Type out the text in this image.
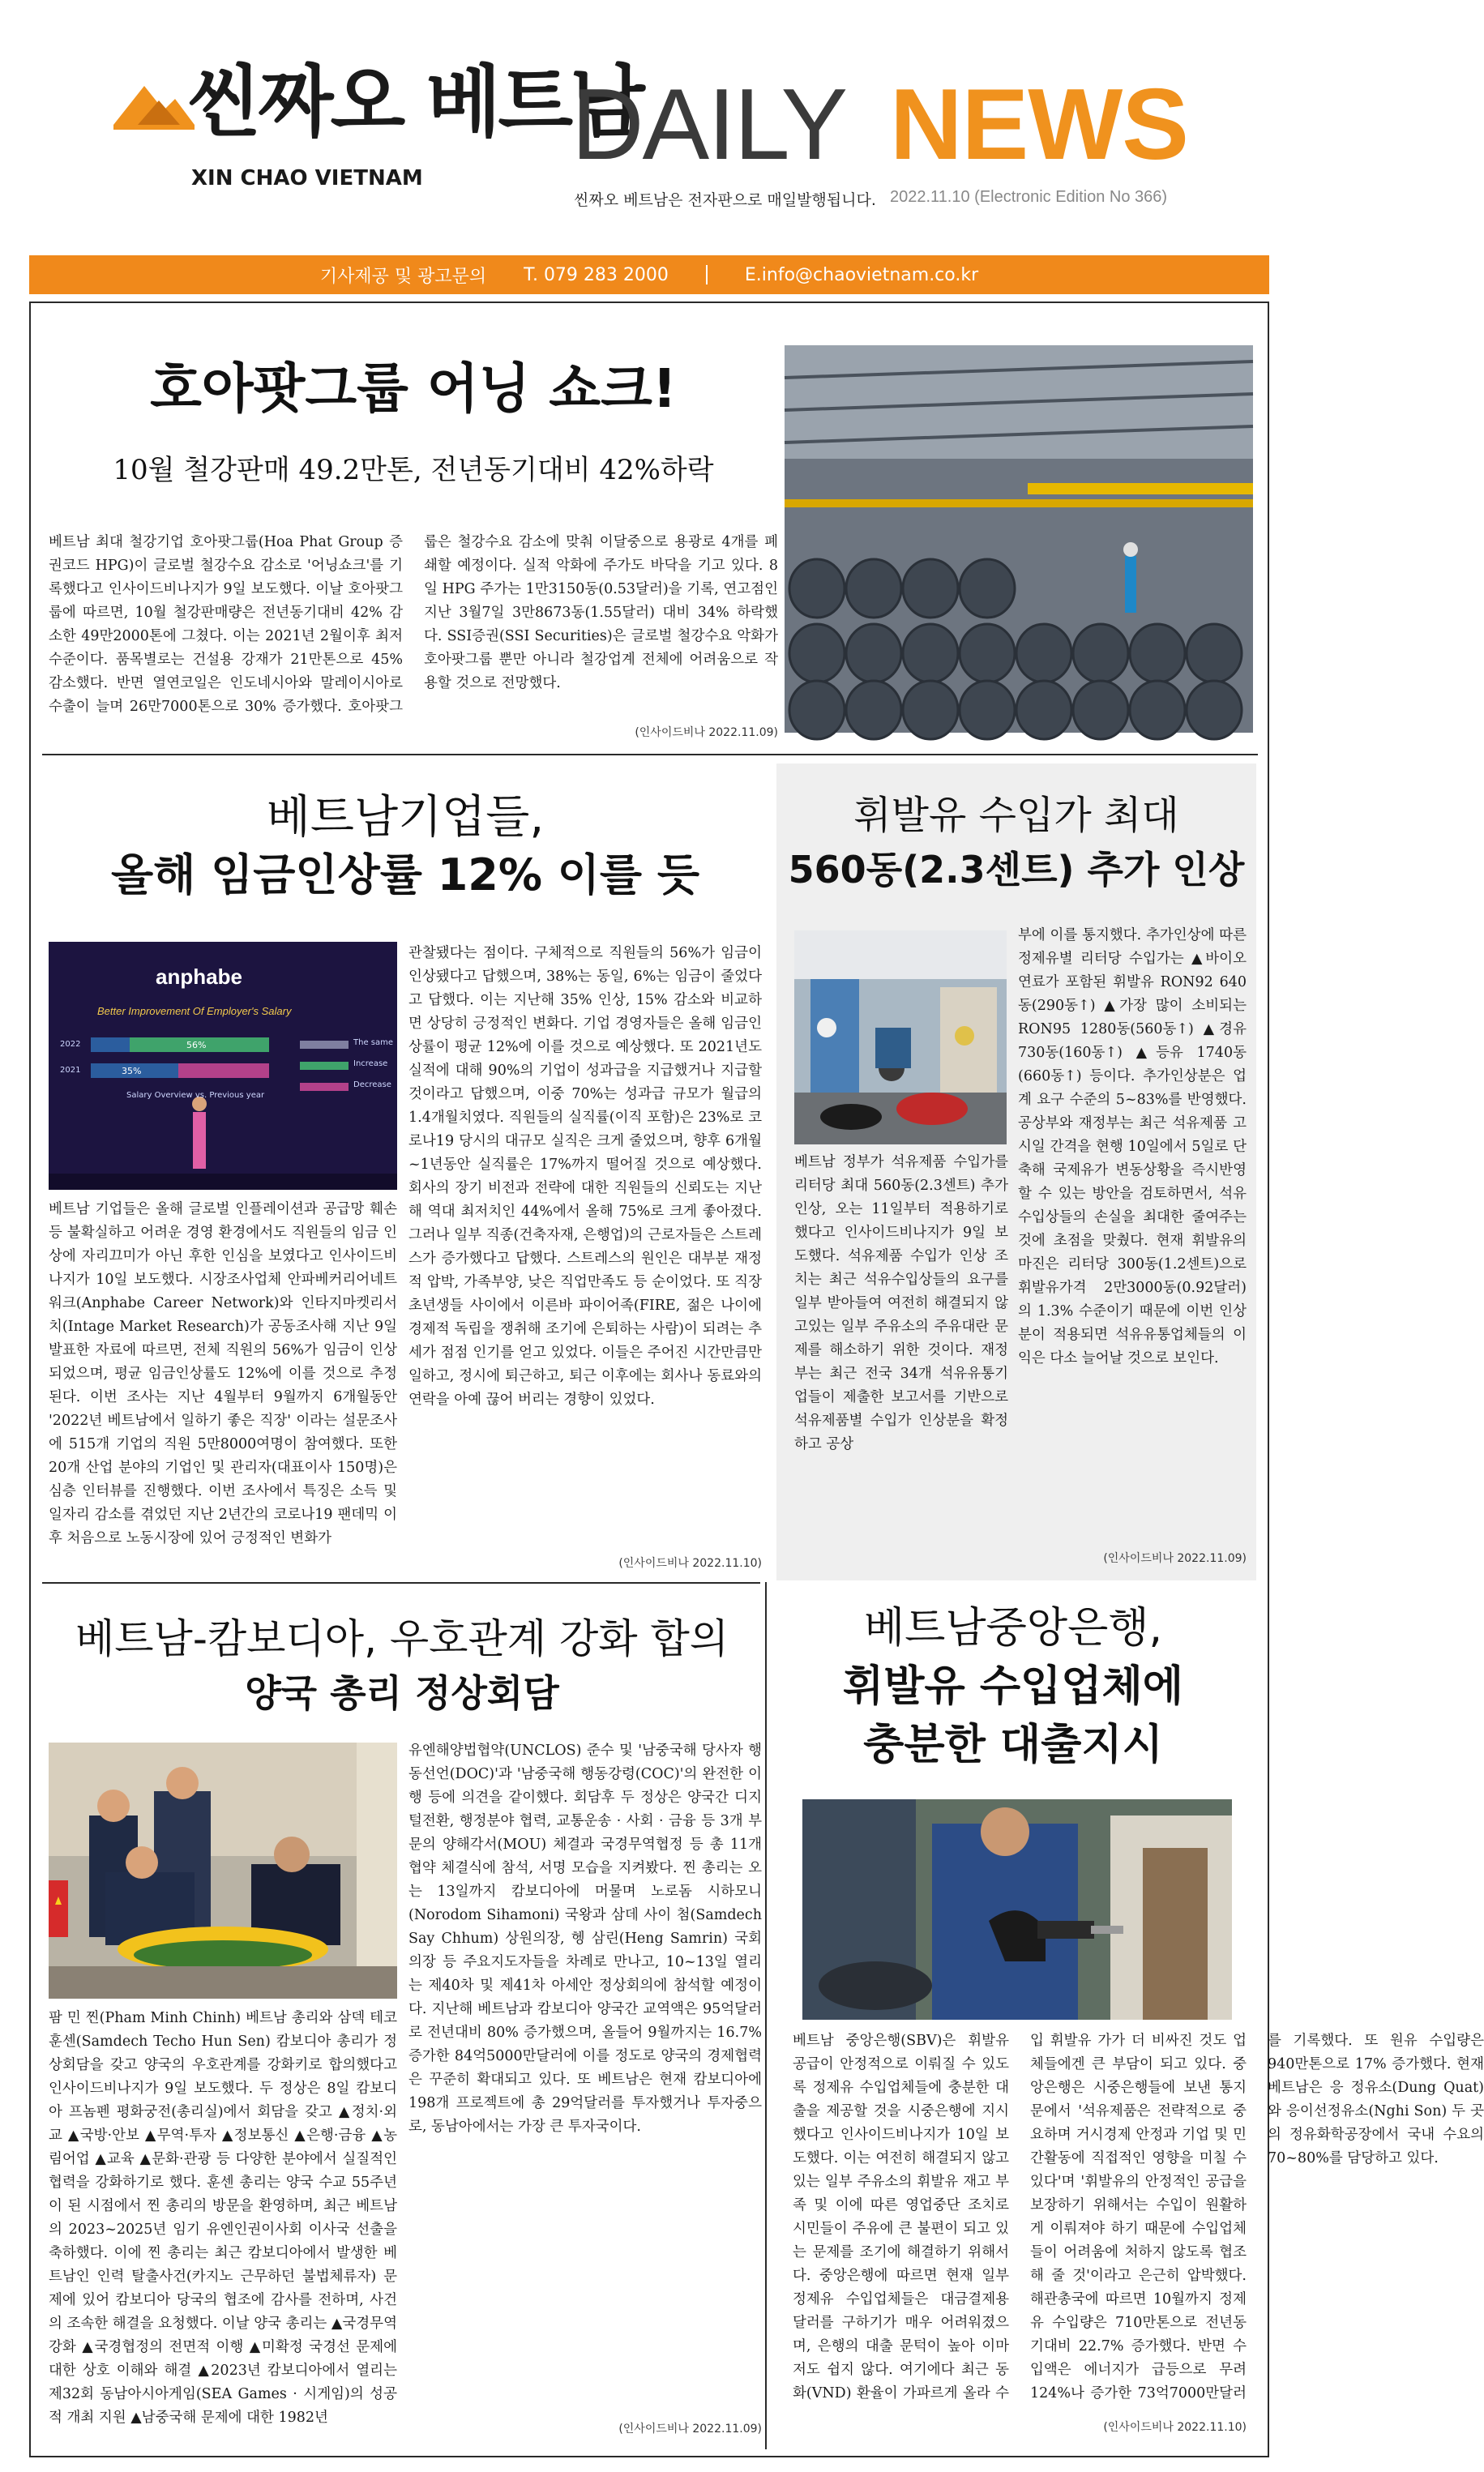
씬짜오 베트남
XIN CHAO VIETNAM DAILY NEWS
씬짜오 베트남은 전자판으로 매일발행됩니다. 2022.11.10 (Electronic Edition No 366)
기사제공 및 광고문의 T. 079 283 2000	E.info@chaovietnam.co.kr
호아팟그룹 어닝 쇼크!
10월 철강판매 49.2만톤, 전년동기대비 42%하락
베트남 최대 철강기업 호아팟그룹(Hoa Phat Group 증권코드 HPG)이 글로벌 철강수요 감소로 '어닝쇼크'를 기록했다고 인사이드비나지가 9일 보도했다. 이날 호아팟그룹에 따르면, 10월 철강판매량은 전년동기대비 42% 감소한 49만2000톤에 그쳤다. 이는 2021년 2월이후 최저 수준이다. 품목별로는 건설용 강재가 21만톤으로 45% 감소했다. 반면 열연코일은 인도네시아와 말레이시아로 수출이 늘며 26만7000톤으로 30% 증가했다. 호아팟그룹은 철강수요 감소에 맞춰 이달중으로 용광로 4개를 폐쇄할 예정이다. 실적 악화에 주가도 바닥을 기고 있다. 8일 HPG 주가는 1만3150동(0.53달러)을 기록, 연고점인 지난 3월7일 3만8673동(1.55달러) 대비 34% 하락했다. SSI증권(SSI Securities)은 글로벌 철강수요 악화가 호아팟그룹 뿐만 아니라 철강업계 전체에 어려움으로 작용할 것으로 전망했다.
(인사이드비나 2022.11.09)
베트남기업들,
올해 임금인상률 12% 이를 듯
anphabe
Better Improvement Of Employer's Salary
2022
2021
56%
35%
The same
Increase
Decrease
Salary Overview vs. Previous year
베트남 기업들은 올해 글로벌 인플레이션과 공급망 훼손 등 불확실하고 어려운 경영 환경에서도 직원들의 임금 인상에 자리끄미가 아닌 후한 인심을 보였다고 인사이드비나지가 10일 보도했다. 시장조사업체 안파베커리어네트워크(Anphabe Career Network)와 인타지마켓리서치(Intage Market Research)가 공동조사해 지난 9일 발표한 자료에 따르면, 전체 직원의 56%가 임금이 인상되었으며, 평균 임금인상률도 12%에 이를 것으로 추정된다. 이번 조사는 지난 4월부터 9월까지 6개월동안 '2022년 베트남에서 일하기 좋은 직장' 이라는 설문조사에 515개 기업의 직원 5만8000여명이 참여했다. 또한 20개 산업 분야의 기업인 및 관리자(대표이사 150명)은 심층 인터뷰를 진행했다. 이번 조사에서 특징은 소득 및 일자리 감소를 겪었던 지난 2년간의 코로나19 팬데믹 이후 처음으로 노동시장에 있어 긍정적인 변화가
관찰됐다는 점이다. 구체적으로 직원들의 56%가 임금이 인상됐다고 답했으며, 38%는 동일, 6%는 임금이 줄었다고 답했다. 이는 지난해 35% 인상, 15% 감소와 비교하면 상당히 긍정적인 변화다. 기업 경영자들은 올해 임금인상률이 평균 12%에 이를 것으로 예상했다. 또 2021년도 실적에 대해 90%의 기업이 성과급을 지급했거나 지급할 것이라고 답했으며, 이중 70%는 성과급 규모가 월급의 1.4개월치였다. 직원들의 실직률(이직 포함)은 23%로 코로나19 당시의 대규모 실직은 크게 줄었으며, 향후 6개월~1년동안 실직률은 17%까지 떨어질 것으로 예상했다. 회사의 장기 비전과 전략에 대한 직원들의 신뢰도는 지난해 역대 최저치인 44%에서 올해 75%로 크게 좋아졌다. 그러나 일부 직종(건축자재, 은행업)의 근로자들은 스트레스가 증가했다고 답했다. 스트레스의 원인은 대부분 재정적 압박, 가족부양, 낮은 직업만족도 등 순이었다. 또 직장 초년생들 사이에서 이른바 파이어족(FIRE, 젊은 나이에 경제적 독립을 쟁취해 조기에 은퇴하는 사람)이 되려는 추세가 점점 인기를 얻고 있었다. 이들은 주어진 시간만큼만 일하고, 정시에 퇴근하고, 퇴근 이후에는 회사나 동료와의 연락을 아예 끊어 버리는 경향이 있었다.
(인사이드비나 2022.11.10)
휘발유 수입가 최대
560동(2.3센트) 추가 인상
부에 이를 통지했다. 추가인상에 따른 정제유별 리터당 수입가는 ▲바이오연료가 포함된 휘발유 RON92 640동(290동↑) ▲가장 많이 소비되는 RON95 1280동(560동↑) ▲경유 730동(160동↑) ▲등유 1740동(660동↑) 등이다. 추가인상분은 업계 요구 수준의 5~83%를 반영했다. 공상부와 재정부는 최근 석유제품 고시일 간격을 현행 10일에서 5일로 단축해 국제유가 변동상황을 즉시반영할 수 있는 방안을 검토하면서, 석유수입상들의 손실을 최대한 줄여주는 것에 초점을 맞췄다. 현재 휘발유의 마진은 리터당 300동(1.2센트)으로 휘발유가격 2만3000동(0.92달러)의 1.3% 수준이기 때문에 이번 인상분이 적용되면 석유유통업체들의 이익은 다소 늘어날 것으로 보인다.
베트남 정부가 석유제품 수입가를 리터당 최대 560동(2.3센트) 추가인상, 오는 11일부터 적용하기로 했다고 인사이드비나지가 9일 보도했다. 석유제품 수입가 인상 조치는 최근 석유수입상들의 요구를 일부 받아들여 여전히 해결되지 않고있는 일부 주유소의 주유대란 문제를 해소하기 위한 것이다. 재정부는 최근 전국 34개 석유유통기업들이 제출한 보고서를 기반으로 석유제품별 수입가 인상분을 확정하고 공상
(인사이드비나 2022.11.09)
베트남-캄보디아, 우호관계 강화 합의
양국 총리 정상회담
팜 민 찐(Pham Minh Chinh) 베트남 총리와 삼덱 테코 훈센(Samdech Techo Hun Sen) 캄보디아 총리가 정상회담을 갖고 양국의 우호관계를 강화키로 합의했다고 인사이드비나지가 9일 보도했다. 두 정상은 8일 캄보디아 프놈펜 평화궁전(총리실)에서 회담을 갖고 ▲정치·외교 ▲국방·안보 ▲무역·투자 ▲정보통신 ▲은행·금융 ▲농림어업 ▲교육 ▲문화·관광 등 다양한 분야에서 실질적인 협력을 강화하기로 했다. 훈센 총리는 양국 수교 55주년이 된 시점에서 찐 총리의 방문을 환영하며, 최근 베트남의 2023~2025년 임기 유엔인권이사회 이사국 선출을 축하했다. 이에 찐 총리는 최근 캄보디아에서 발생한 베트남인 인력 탈출사건(카지노 근무하던 불법체류자) 문제에 있어 캄보디아 당국의 협조에 감사를 전하며, 사건의 조속한 해결을 요청했다. 이날 양국 총리는 ▲국경무역 강화 ▲국경협정의 전면적 이행 ▲미확정 국경선 문제에 대한 상호 이해와 해결 ▲2023년 캄보디아에서 열리는 제32회 동남아시아게임(SEA Games · 시게임)의 성공적 개최 지원 ▲남중국해 문제에 대한 1982년
유엔해양법협약(UNCLOS) 준수 및 '남중국해 당사자 행동선언(DOC)'과 '남중국해 행동강령(COC)'의 완전한 이행 등에 의견을 같이했다. 회담후 두 정상은 양국간 디지털전환, 행정분야 협력, 교통운송 · 사회 · 금융 등 3개 부문의 양해각서(MOU) 체결과 국경무역협정 등 총 11개 협약 체결식에 참석, 서명 모습을 지켜봤다. 찐 총리는 오는 13일까지 캄보디아에 머물며 노로돔 시하모니(Norodom Sihamoni) 국왕과 삼데 사이 첨(Samdech Say Chhum) 상원의장, 헹 삼린(Heng Samrin) 국회의장 등 주요지도자들을 차례로 만나고, 10~13일 열리는 제40차 및 제41차 아세안 정상회의에 참석할 예정이다. 지난해 베트남과 캄보디아 양국간 교역액은 95억달러로 전년대비 80% 증가했으며, 올들어 9월까지는 16.7% 증가한 84억5000만달러에 이를 정도로 양국의 경제협력은 꾸준히 확대되고 있다. 또 베트남은 현재 캄보디아에 198개 프로젝트에 총 29억달러를 투자했거나 투자중으로, 동남아에서는 가장 큰 투자국이다.
(인사이드비나 2022.11.09)
베트남중앙은행,
휘발유 수입업체에
충분한 대출지시
베트남 중앙은행(SBV)은 휘발유 공급이 안정적으로 이뤄질 수 있도록 정제유 수입업체들에 충분한 대출을 제공할 것을 시중은행에 지시했다고 인사이드비나지가 10일 보도했다. 이는 여전히 해결되지 않고 있는 일부 주유소의 휘발유 재고 부족 및 이에 따른 영업중단 조치로 시민들이 주유에 큰 불편이 되고 있는 문제를 조기에 해결하기 위해서다. 중앙은행에 따르면 현재 일부 정제유 수입업체들은 대금결제용 달러를 구하기가 매우 어려워졌으며, 은행의 대출 문턱이 높아 이마저도 쉽지 않다. 여기에다 최근 동화(VND) 환율이 가파르게 올라 수입 휘발유 가가 더 비싸진 것도 업체들에겐 큰 부담이 되고 있다. 중앙은행은 시중은행들에 보낸 통지문에서 '석유제품은 전략적으로 중요하며 거시경제 안정과 기업 및 민간활동에 직접적인 영향을 미칠 수 있다'며 '휘발유의 안정적인 공급을 보장하기 위해서는 수입이 원활하게 이뤄져야 하기 때문에 수입업체들이 어려움에 처하지 않도록 협조해 줄 것'이라고 은근히 압박했다. 해관총국에 따르면 10월까지 정제유 수입량은 710만톤으로 전년동기대비 22.7% 증가했다. 반면 수입액은 에너지가 급등으로 무려 124%나 증가한 73억7000만달러를 기록했다. 또 원유 수입량은 940만톤으로 17% 증가했다. 현재 베트남은 응 정유소(Dung Quat)와 응이선정유소(Nghi Son) 두 곳의 정유화학공장에서 국내 수요의 70~80%를 담당하고 있다.
(인사이드비나 2022.11.10)
